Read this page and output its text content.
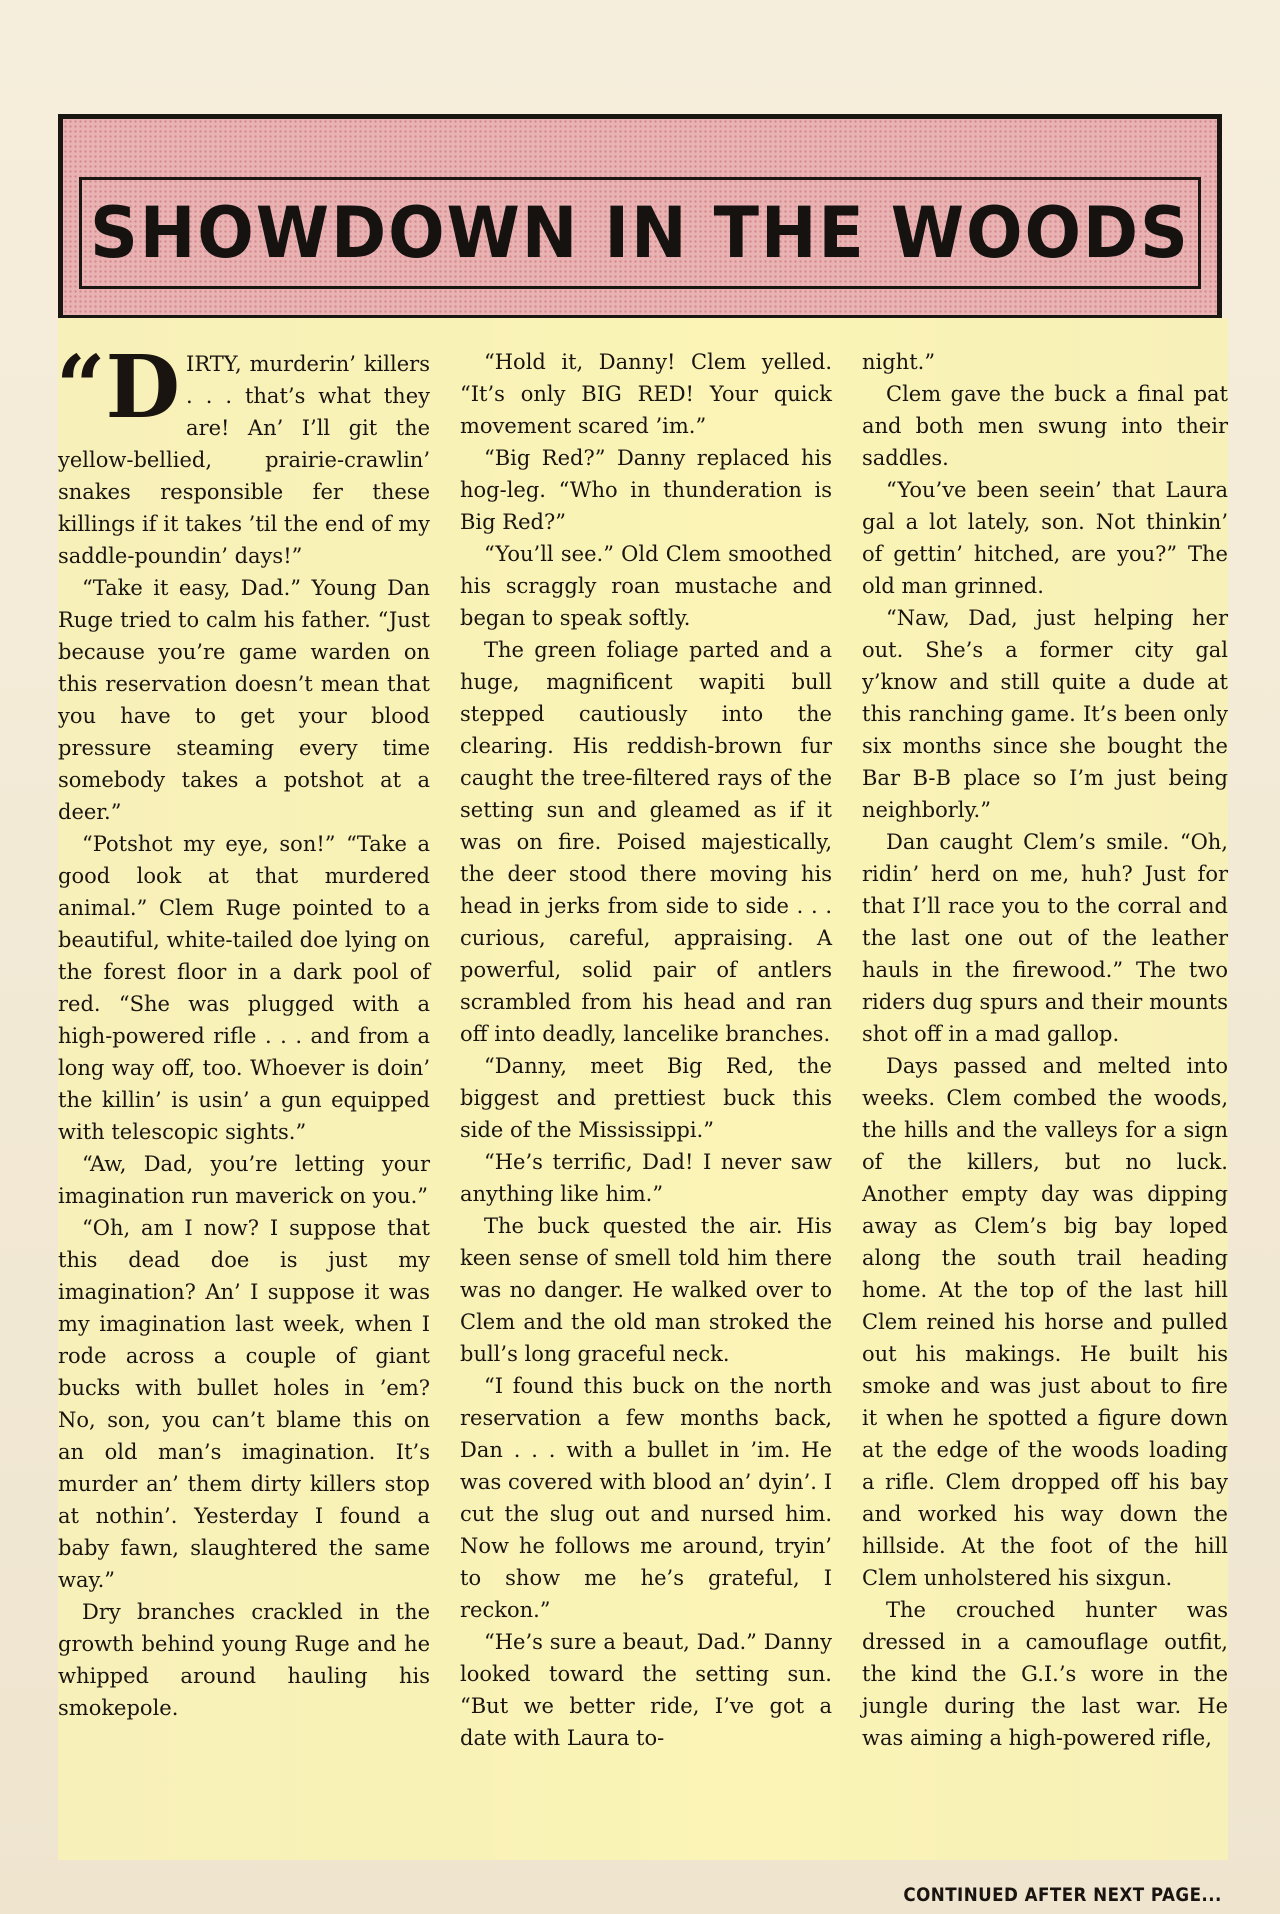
SHOWDOWN IN THE WOODS

“DIRTY, murderin’ killers . . . that’s what they are! An’ I’ll git the yellow-bellied, prairie-crawlin’ snakes responsible fer these killings if it takes ’til the end of my saddle-poundin’ days!”

“Take it easy, Dad.” Young Dan Ruge tried to calm his father. “Just because you’re game warden on this reservation doesn’t mean that you have to get your blood pressure steaming every time somebody takes a potshot at a deer.”

“Potshot my eye, son!” “Take a good look at that murdered animal.” Clem Ruge pointed to a beautiful, white-tailed doe lying on the forest floor in a dark pool of red. “She was plugged with a high-powered rifle . . . and from a long way off, too. Whoever is doin’ the killin’ is usin’ a gun equipped with telescopic sights.”

“Aw, Dad, you’re letting your imagination run maverick on you.”

“Oh, am I now? I suppose that this dead doe is just my imagination? An’ I suppose it was my imagination last week, when I rode across a couple of giant bucks with bullet holes in ’em? No, son, you can’t blame this on an old man’s imagination. It’s murder an’ them dirty killers stop at nothin’. Yesterday I found a baby fawn, slaughtered the same way.”

Dry branches crackled in the growth behind young Ruge and he whipped around hauling his smokepole.

“Hold it, Danny! Clem yelled. “It’s only BIG RED! Your quick movement scared ’im.”

“Big Red?” Danny replaced his hog-leg. “Who in thunderation is Big Red?”

“You’ll see.” Old Clem smoothed his scraggly roan mustache and began to speak softly.

The green foliage parted and a huge, magnificent wapiti bull stepped cautiously into the clearing. His reddish-brown fur caught the tree-filtered rays of the setting sun and gleamed as if it was on fire. Poised majestically, the deer stood there moving his head in jerks from side to side . . . curious, careful, appraising. A powerful, solid pair of antlers scrambled from his head and ran off into deadly, lancelike branches.

“Danny, meet Big Red, the biggest and prettiest buck this side of the Mississippi.”

“He’s terrific, Dad! I never saw anything like him.”

The buck quested the air. His keen sense of smell told him there was no danger. He walked over to Clem and the old man stroked the bull’s long graceful neck.

“I found this buck on the north reservation a few months back, Dan . . . with a bullet in ’im. He was covered with blood an’ dyin’. I cut the slug out and nursed him. Now he follows me around, tryin’ to show me he’s grateful, I reckon.”

“He’s sure a beaut, Dad.” Danny looked toward the setting sun. “But we better ride, I’ve got a date with Laura to-

night.”

Clem gave the buck a final pat and both men swung into their saddles.

“You’ve been seein’ that Laura gal a lot lately, son. Not thinkin’ of gettin’ hitched, are you?” The old man grinned.

“Naw, Dad, just helping her out. She’s a former city gal y’know and still quite a dude at this ranching game. It’s been only six months since she bought the Bar B-B place so I’m just being neighborly.”

Dan caught Clem’s smile. “Oh, ridin’ herd on me, huh? Just for that I’ll race you to the corral and the last one out of the leather hauls in the firewood.” The two riders dug spurs and their mounts shot off in a mad gallop.

Days passed and melted into weeks. Clem combed the woods, the hills and the valleys for a sign of the killers, but no luck. Another empty day was dipping away as Clem’s big bay loped along the south trail heading home. At the top of the last hill Clem reined his horse and pulled out his makings. He built his smoke and was just about to fire it when he spotted a figure down at the edge of the woods loading a rifle. Clem dropped off his bay and worked his way down the hillside. At the foot of the hill Clem unholstered his sixgun.

The crouched hunter was dressed in a camouflage outfit, the kind the G.I.’s wore in the jungle during the last war. He was aiming a high-powered rifle,

CONTINUED AFTER NEXT PAGE...
